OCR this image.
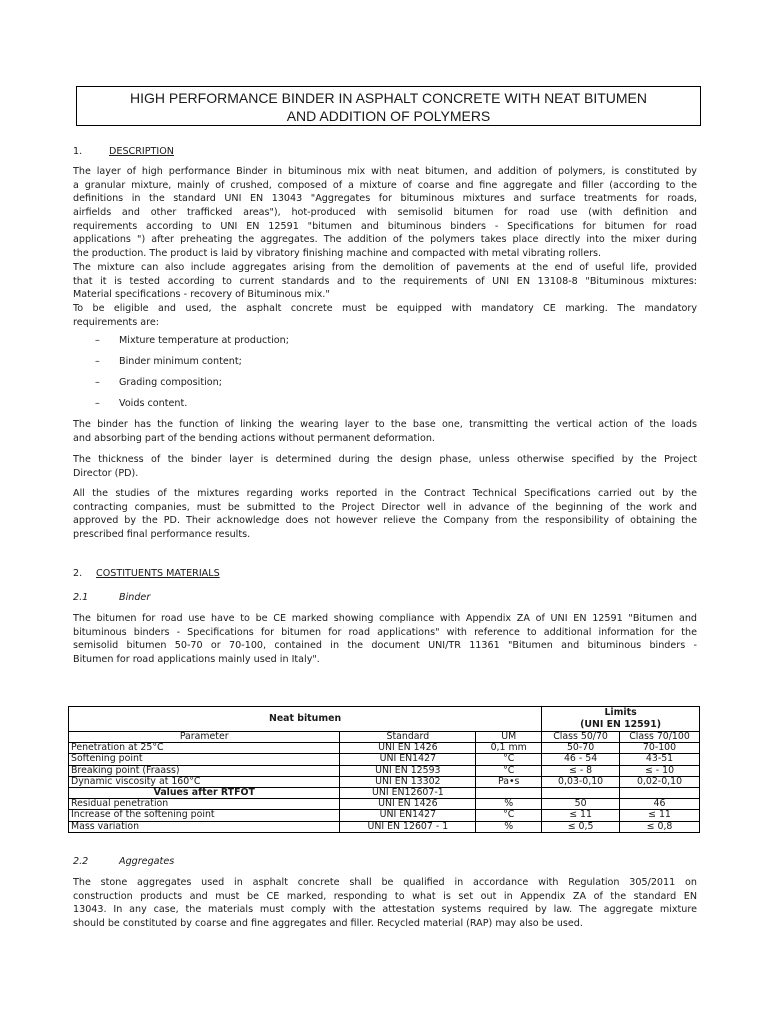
HIGH PERFORMANCE BINDER IN ASPHALT CONCRETE WITH NEAT BITUMEN
AND ADDITION OF POLYMERS
1.	DESCRIPTION
The layer of high performance Binder in bituminous mix with neat bitumen, and addition of polymers, is constituted by
a granular mixture, mainly of crushed, composed of a mixture of coarse and fine aggregate and filler (according to the
definitions in the standard UNI EN 13043 "Aggregates for bituminous mixtures and surface treatments for roads,
airfields and other trafficked areas"), hot-produced with semisolid bitumen for road use (with definition and
requirements according to UNI EN 12591 "bitumen and bituminous binders - Specifications for bitumen for road
applications ") after preheating the aggregates. The addition of the polymers takes place directly into the mixer during
the production. The product is laid by vibratory finishing machine and compacted with metal vibrating rollers.
The mixture can also include aggregates arising from the demolition of pavements at the end of useful life, provided
that it is tested according to current standards and to the requirements of UNI EN 13108-8 "Bituminous mixtures:
Material specifications - recovery of Bituminous mix."
To be eligible and used, the asphalt concrete must be equipped with mandatory CE marking. The mandatory
requirements are:
– Mixture temperature at production;
– Binder minimum content;
– Grading composition;
– Voids content.
The binder has the function of linking the wearing layer to the base one, transmitting the vertical action of the loads
and absorbing part of the bending actions without permanent deformation.
The thickness of the binder layer is determined during the design phase, unless otherwise specified by the Project
Director (PD).
All the studies of the mixtures regarding works reported in the Contract Technical Specifications carried out by the
contracting companies, must be submitted to the Project Director well in advance of the beginning of the work and
approved by the PD. Their acknowledge does not however relieve the Company from the responsibility of obtaining the
prescribed final performance results.
2. COSTITUENTS MATERIALS
2.1	Binder
The bitumen for road use have to be CE marked showing compliance with Appendix ZA of UNI EN 12591 "Bitumen and
bituminous binders - Specifications for bitumen for road applications" with reference to additional information for the
semisolid bitumen 50-70 or 70-100, contained in the document UNI/TR 11361 "Bitumen and bituminous binders -
Bitumen for road applications mainly used in Italy".
Neat bitumen			Limits
(UNI EN 12591)	

Parameter	Standard	UM	Class 50/70	Class 70/100
Penetration at 25°C	UNI EN 1426	0,1 mm	50-70	70-100
Softening point	UNI EN1427	°C	46 - 54	43-51
Breaking point (Fraass)	UNI EN 12593	°C	≤ - 8	≤ - 10
Dynamic viscosity at 160°C	UNI EN 13302	Pa•s	0,03-0,10	0,02-0,10
Values after RTFOT	UNI EN12607-1			
Residual penetration	UNI EN 1426	%	50	46
Increase of the softening point	UNI EN1427	°C	≤ 11	≤ 11
Mass variation	UNI EN 12607 - 1	%	≤ 0,5	≤ 0,8
2.2	Aggregates
The stone aggregates used in asphalt concrete shall be qualified in accordance with Regulation 305/2011 on
construction products and must be CE marked, responding to what is set out in Appendix ZA of the standard EN
13043. In any case, the materials must comply with the attestation systems required by law. The aggregate mixture
should be constituted by coarse and fine aggregates and filler. Recycled material (RAP) may also be used.
